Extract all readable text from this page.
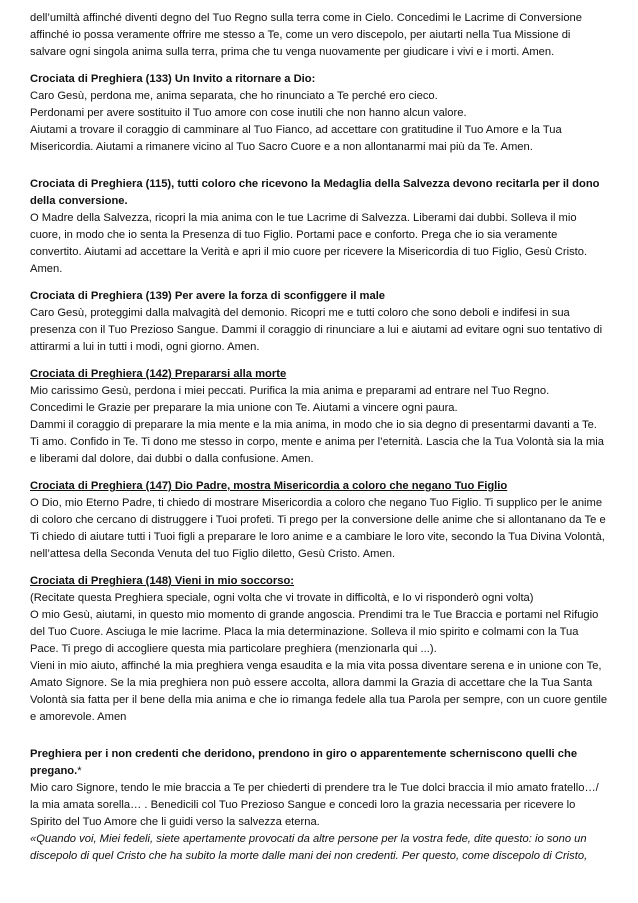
dell’umiltà affinché diventi degno del Tuo Regno sulla terra come in Cielo. Concedimi le Lacrime di Conversione affinché io possa veramente offrire me stesso a Te, come un vero discepolo, per aiutarti nella Tua Missione di salvare ogni singola anima sulla terra, prima che tu venga nuovamente per giudicare i vivi e i morti. Amen.

Crociata di Preghiera (133) Un Invito a ritornare a Dio:

Caro Gesù, perdona me, anima separata, che ho rinunciato a Te perché ero cieco.

Perdonami per avere sostituito il Tuo amore con cose inutili che non hanno alcun valore.

Aiutami a trovare il coraggio di camminare al Tuo Fianco, ad accettare con gratitudine il Tuo Amore e la Tua Misericordia. Aiutami a rimanere vicino al Tuo Sacro Cuore e a non allontanarmi mai più da Te. Amen.

Crociata di Preghiera (115), tutti coloro che ricevono la Medaglia della Salvezza devono recitarla per il dono della conversione.

O Madre della Salvezza, ricopri la mia anima con le tue Lacrime di Salvezza. Liberami dai dubbi. Solleva il mio cuore, in modo che io senta la Presenza di tuo Figlio. Portami pace e conforto. Prega che io sia veramente convertito. Aiutami ad accettare la Verità e apri il mio cuore per ricevere la Misericordia di tuo Figlio, Gesù Cristo. Amen.

Crociata di Preghiera (139) Per avere la forza di sconfiggere il male

Caro Gesù, proteggimi dalla malvagità del demonio. Ricopri me e tutti coloro che sono deboli e indifesi in sua presenza con il Tuo Prezioso Sangue. Dammi il coraggio di rinunciare a lui e aiutami ad evitare ogni suo tentativo di attirarmi a lui in tutti i modi, ogni giorno. Amen.

Crociata di Preghiera (142) Prepararsi alla morte

Mio carissimo Gesù, perdona i miei peccati. Purifica la mia anima e preparami ad entrare nel Tuo Regno.

Concedimi le Grazie per preparare la mia unione con Te. Aiutami a vincere ogni paura.

Dammi il coraggio di preparare la mia mente e la mia anima, in modo che io sia degno di presentarmi davanti a Te.

Ti amo. Confido in Te. Ti dono me stesso in corpo, mente e anima per l’eternità. Lascia che la Tua Volontà sia la mia e liberami dal dolore, dai dubbi o dalla confusione. Amen.

Crociata di Preghiera (147) Dio Padre, mostra Misericordia a coloro che negano Tuo Figlio

O Dio, mio Eterno Padre, ti chiedo di mostrare Misericordia a coloro che negano Tuo Figlio. Ti supplico per le anime di coloro che cercano di distruggere i Tuoi profeti. Ti prego per la conversione delle anime che si allontanano da Te e Ti chiedo di aiutare tutti i Tuoi figli a preparare le loro anime e a cambiare le loro vite, secondo la Tua Divina Volontà, nell’attesa della Seconda Venuta del tuo Figlio diletto, Gesù Cristo. Amen.

Crociata di Preghiera (148) Vieni in mio soccorso:

(Recitate questa Preghiera speciale, ogni volta che vi trovate in difficoltà, e Io vi risponderò ogni volta)

O mio Gesù, aiutami, in questo mio momento di grande angoscia. Prendimi tra le Tue Braccia e portami nel Rifugio del Tuo Cuore. Asciuga le mie lacrime. Placa la mia determinazione. Solleva il mio spirito e colmami con la Tua Pace. Ti prego di accogliere questa mia particolare preghiera (menzionarla qui ...).

Vieni in mio aiuto, affinché la mia preghiera venga esaudita e la mia vita possa diventare serena e in unione con Te, Amato Signore. Se la mia preghiera non può essere accolta, allora dammi la Grazia di accettare che la Tua Santa Volontà sia fatta per il bene della mia anima e che io rimanga fedele alla tua Parola per sempre, con un cuore gentile e amorevole. Amen

Preghiera per i non credenti che deridono, prendono in giro o apparentemente scherniscono quelli che pregano.*

Mio caro Signore, tendo le mie braccia a Te per chiederti di prendere tra le Tue dolci braccia il mio amato fratello…/ la mia amata sorella… . Benedicili col Tuo Prezioso Sangue e concedi loro la grazia necessaria per ricevere lo Spirito del Tuo Amore che li guidi verso la salvezza eterna.

«Quando voi, Miei fedeli, siete apertamente provocati da altre persone per la vostra fede, dite questo: io sono un discepolo di quel Cristo che ha subito la morte dalle mani dei non credenti. Per questo, come discepolo di Cristo,
